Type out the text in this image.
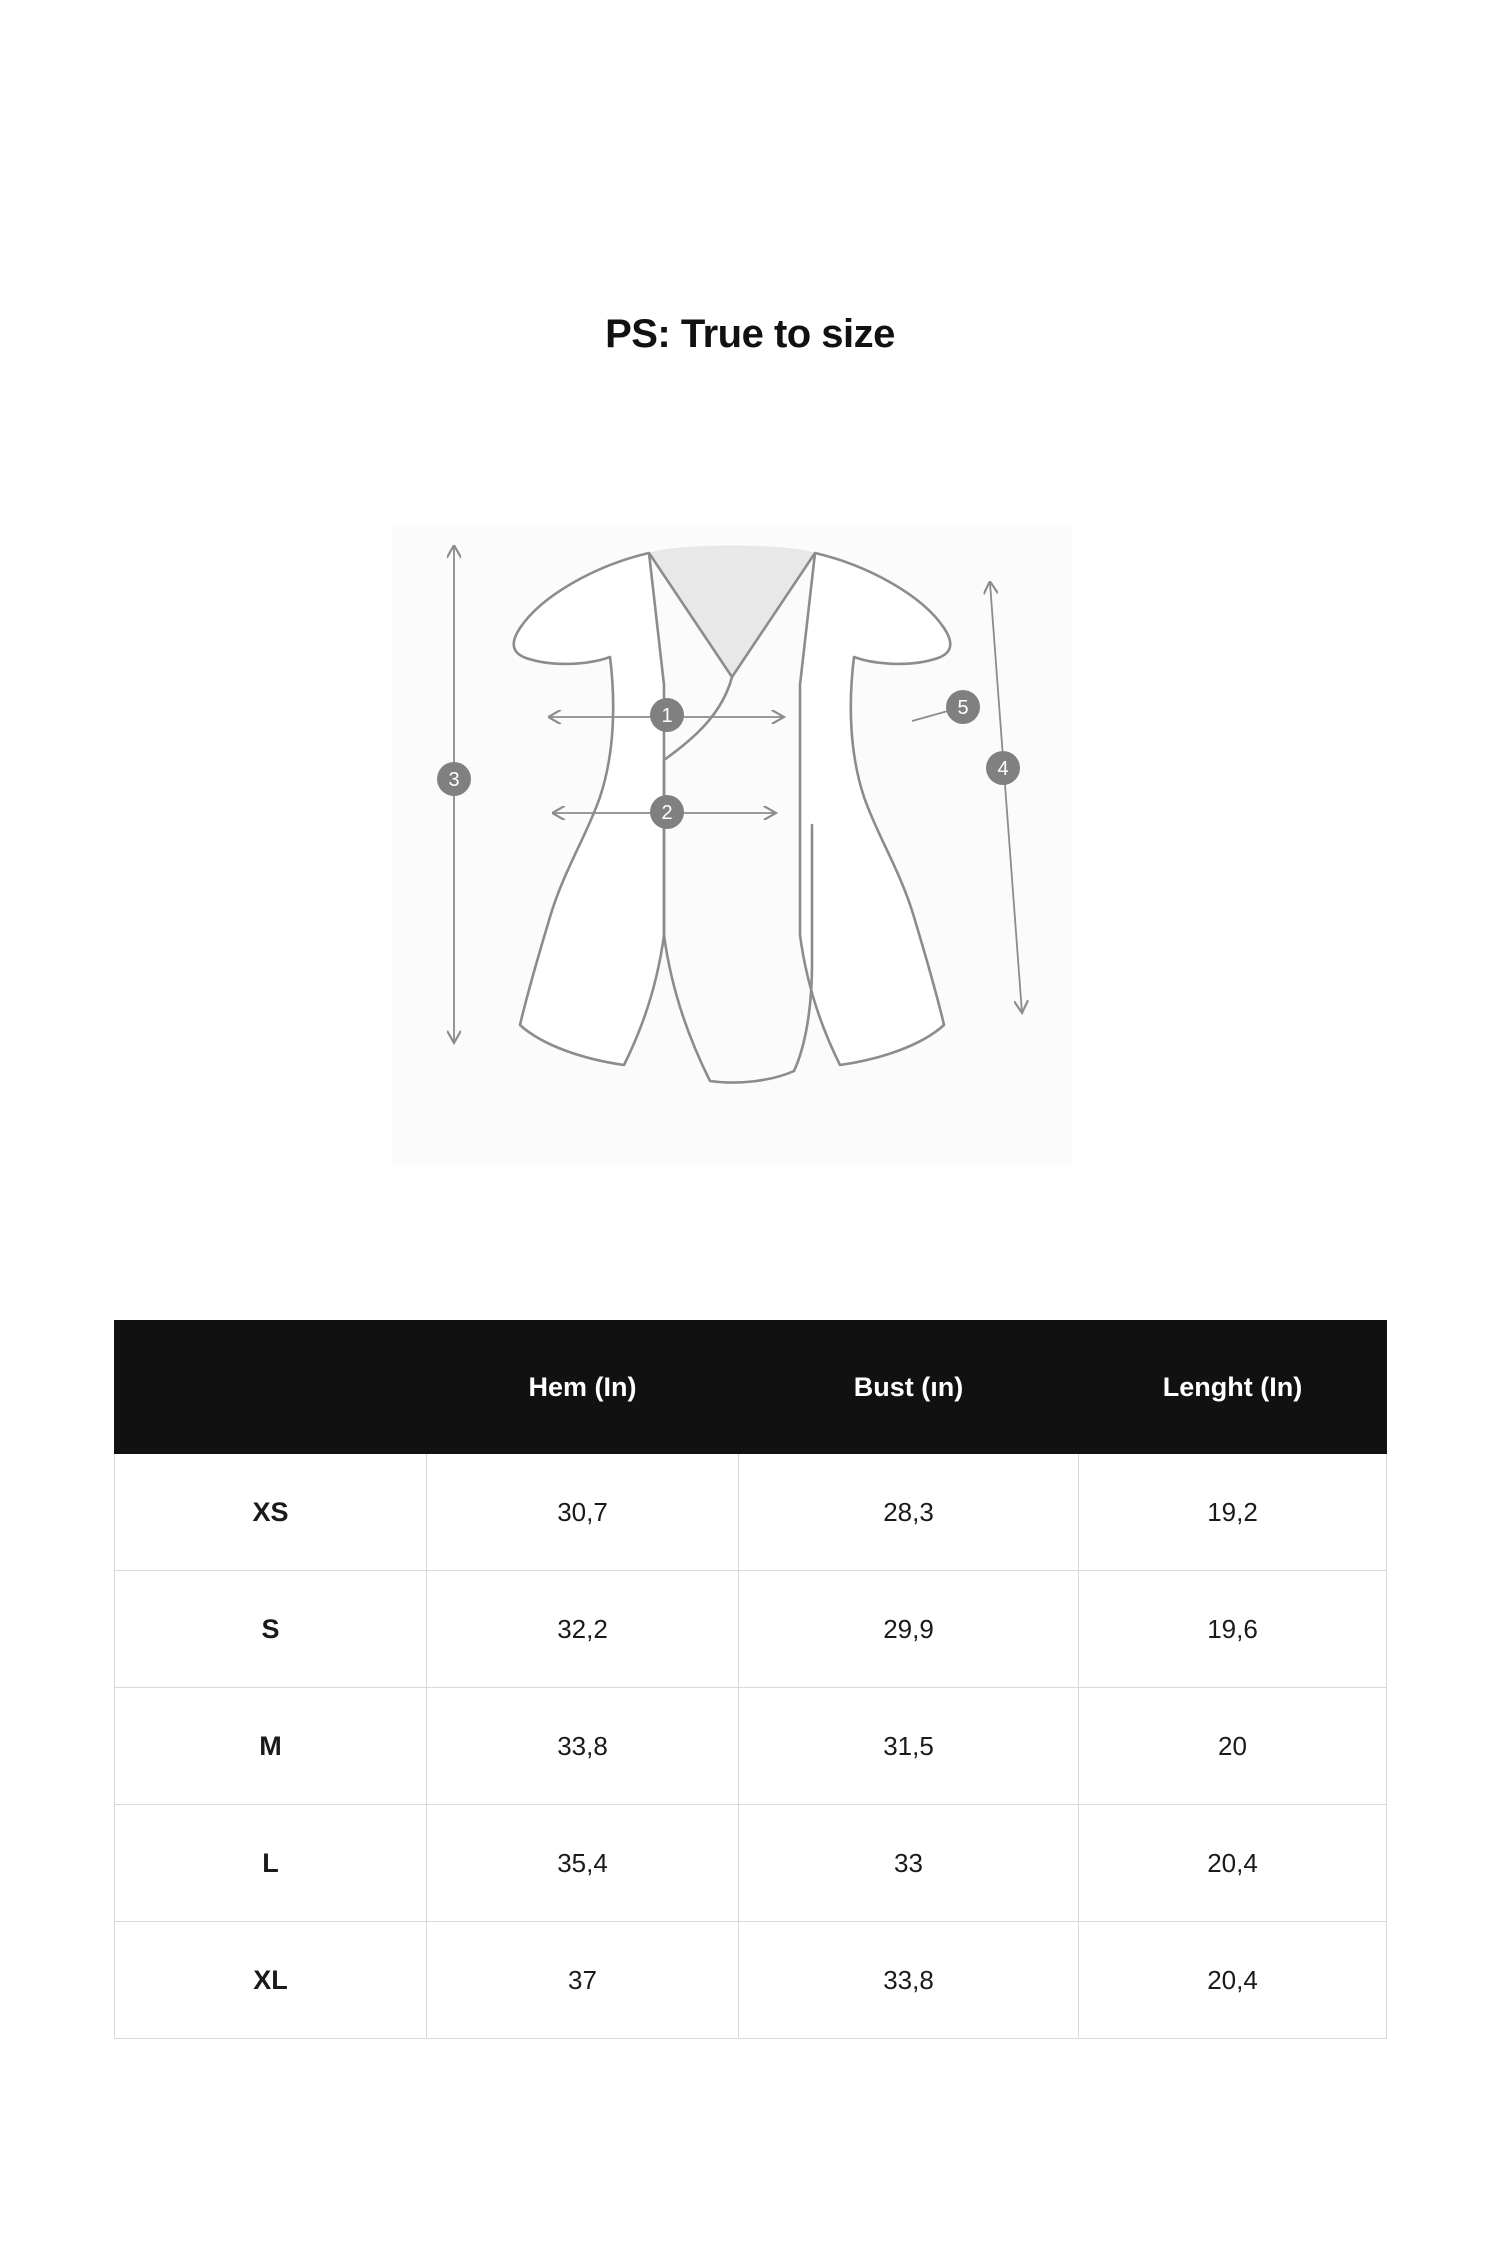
PS: True to size
1
2
3	4
5
	Hem (In)	Bust (ın)	Lenght (In)
XS	30,7	28,3	19,2
S	32,2	29,9	19,6
M	33,8	31,5	20
L	35,4	33	20,4
XL	37	33,8	20,4
